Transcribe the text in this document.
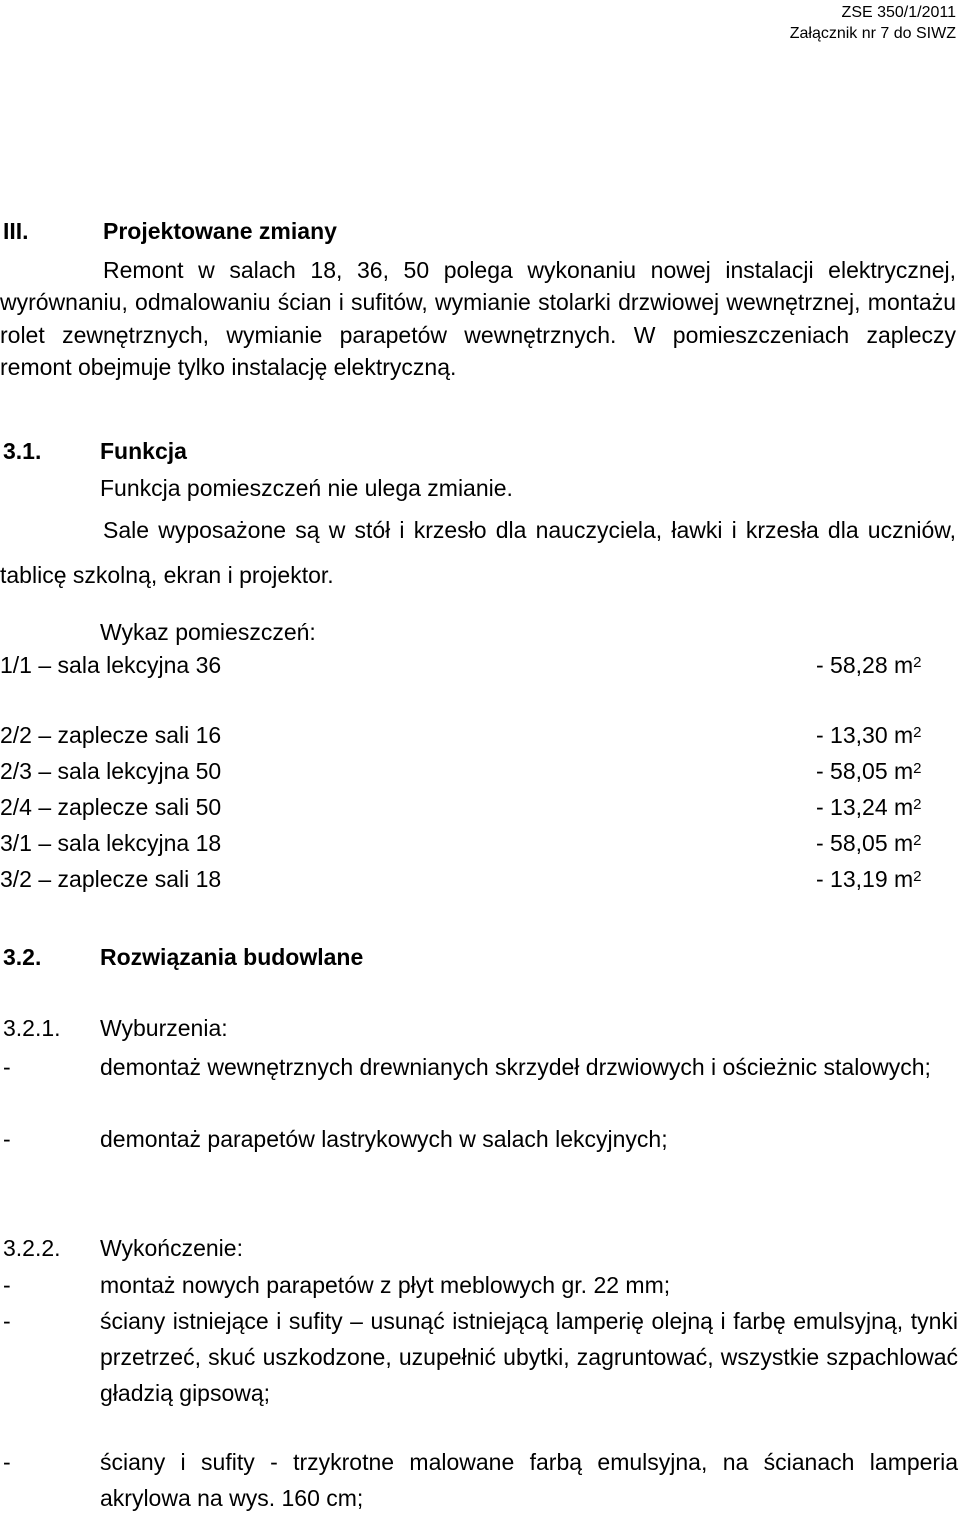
ZSE 350/1/2011
Załącznik nr 7 do SIWZ
III.	Projektowane zmiany
Remont w salach 18, 36, 50 polega wykonaniu nowej instalacji elektrycznej, wyrównaniu, odmalowaniu ścian i sufitów, wymianie stolarki drzwiowej wewnętrznej, montażu rolet zewnętrznych, wymianie parapetów wewnętrznych. W pomieszczeniach zapleczy remont obejmuje tylko instalację elektryczną.
3.1.	Funkcja
Funkcja pomieszczeń nie ulega zmianie.
Sale wyposażone są w stół i krzesło dla nauczyciela, ławki i krzesła dla uczniów, tablicę szkolną, ekran i projektor.
Wykaz pomieszczeń:
1/1 – sala lekcyjna 36	- 58,28 $m^2$
2/2 – zaplecze sali 16	- 13,30 $m^2$
2/3 – sala lekcyjna 50	- 58,05 $m^2$
2/4 – zaplecze sali 50	- 13,24 $m^2$
3/1 – sala lekcyjna 18	- 58,05 $m^2$
3/2 – zaplecze sali 18	- 13,19 $m^2$
3.2.	Rozwiązania budowlane
3.2.1. Wyburzenia:
-	demontaż wewnętrznych drewnianych skrzydeł drzwiowych i ościeżnic stalowych;
-	demontaż parapetów lastrykowych w salach lekcyjnych;
3.2.2. Wykończenie:
-	montaż nowych parapetów z płyt meblowych gr. 22 mm;
-	ściany istniejące i sufity – usunąć istniejącą lamperię olejną i farbę emulsyjną, tynki przetrzeć, skuć uszkodzone, uzupełnić ubytki, zagruntować, wszystkie szpachlować gładzią gipsową;
-	ściany i sufity - trzykrotne malowane farbą emulsyjna, na ścianach lamperia akrylowa na wys. 160 cm;
